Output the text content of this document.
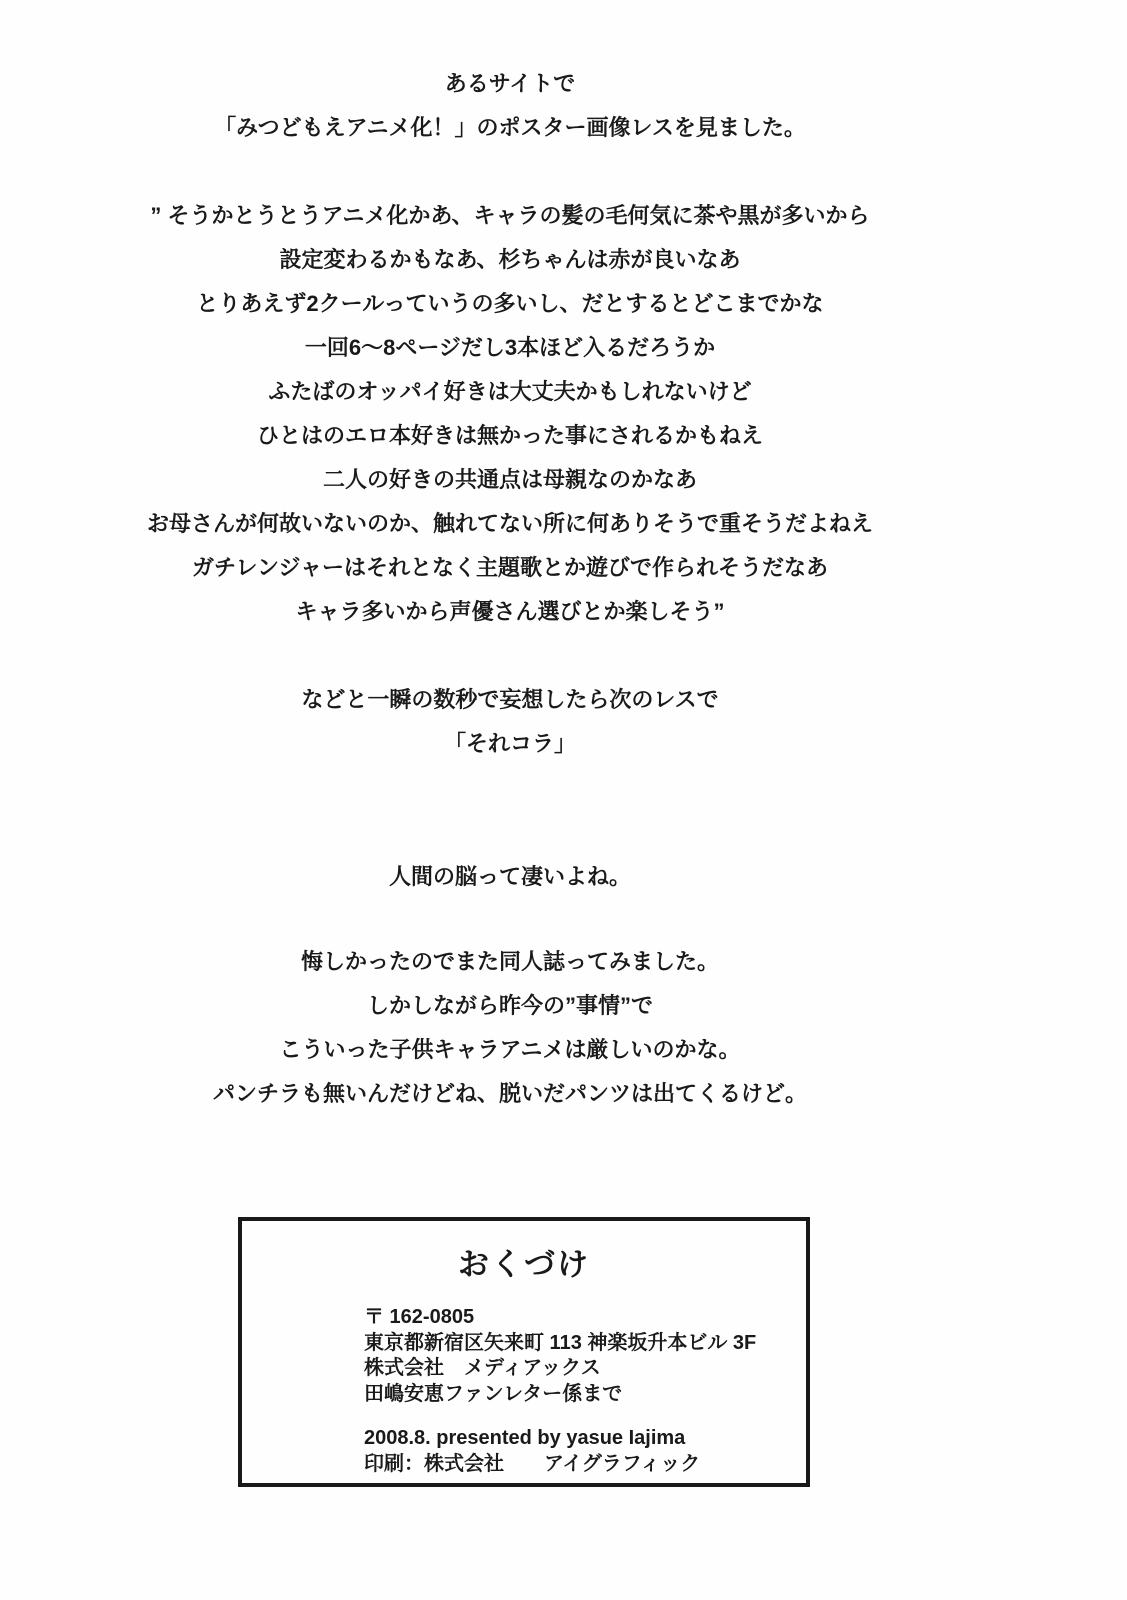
あるサイトで
「みつどもえアニメ化！」のポスター画像レスを見ました。
” そうかとうとうアニメ化かあ、キャラの髪の毛何気に茶や黒が多いから
設定変わるかもなあ、杉ちゃんは赤が良いなあ
とりあえず2クールっていうの多いし、だとするとどこまでかな
一回6～8ページだし3本ほど入るだろうか
ふたばのオッパイ好きは大丈夫かもしれないけど
ひとはのエロ本好きは無かった事にされるかもねえ
二人の好きの共通点は母親なのかなあ
お母さんが何故いないのか、触れてない所に何ありそうで重そうだよねえ
ガチレンジャーはそれとなく主題歌とか遊びで作られそうだなあ
キャラ多いから声優さん選びとか楽しそう”
などと一瞬の数秒で妄想したら次のレスで
「それコラ」
人間の脳って凄いよね。
悔しかったのでまた同人誌ってみました。
しかしながら昨今の”事情”で
こういった子供キャラアニメは厳しいのかな。
パンチラも無いんだけどね、脱いだパンツは出てくるけど。
おくづけ
〒 162-0805
東京都新宿区矢来町 113 神楽坂升本ビル 3F
株式会社　メディアックス
田嶋安恵ファンレター係まで
2008.8. presented by yasue Iajima
印刷：株式会社　　アイグラフィック
